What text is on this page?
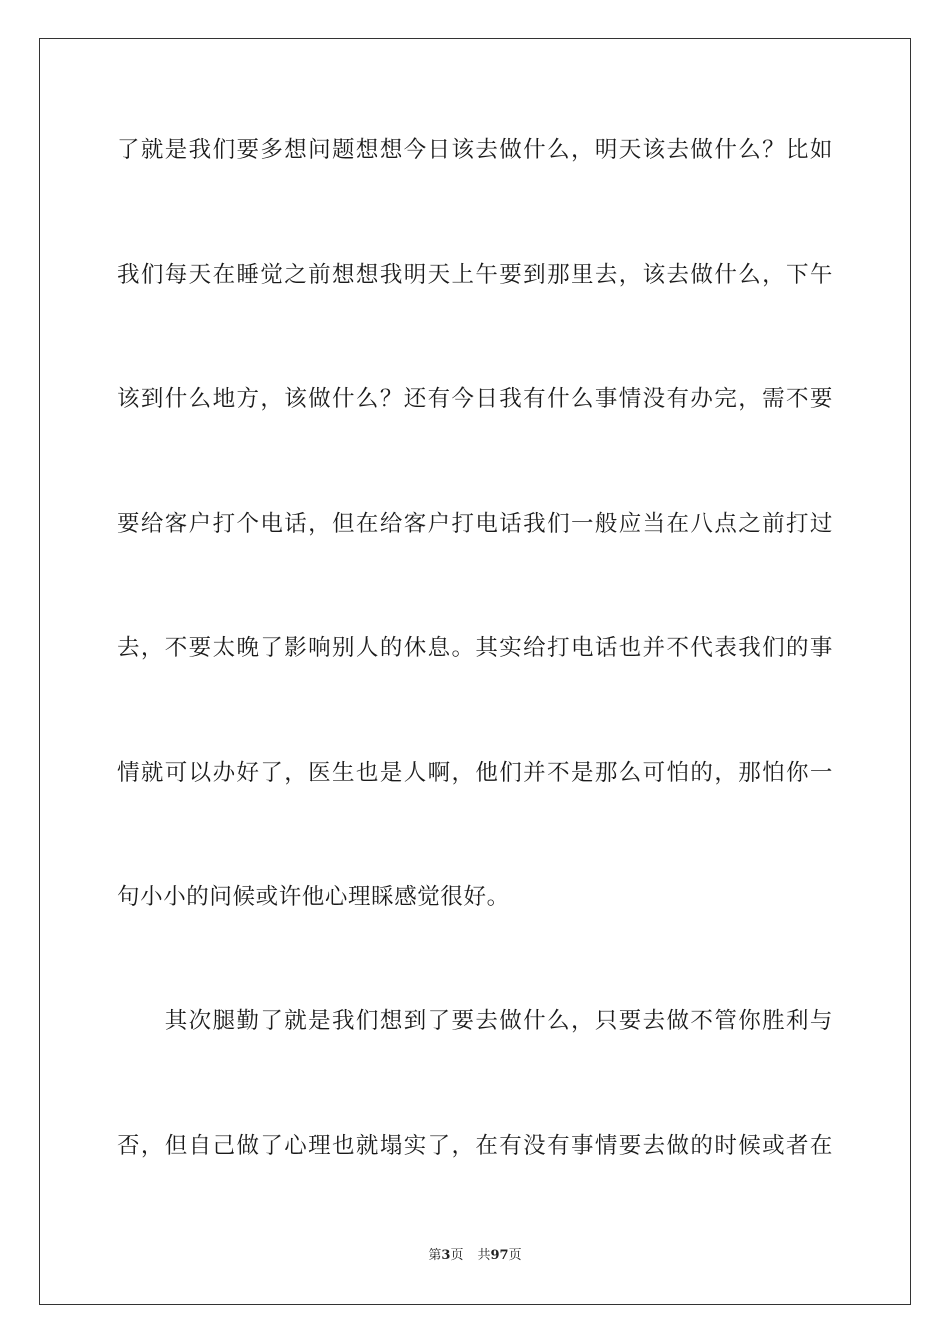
了就是我们要多想问题想想今日该去做什么，明天该去做什么？比如
我们每天在睡觉之前想想我明天上午要到那里去，该去做什么，下午
该到什么地方，该做什么？还有今日我有什么事情没有办完，需不要
要给客户打个电话，但在给客户打电话我们一般应当在八点之前打过
去，不要太晚了影响别人的休息。其实给打电话也并不代表我们的事
情就可以办好了，医生也是人啊，他们并不是那么可怕的，那怕你一
句小小的问候或许他心理睬感觉很好。
　　其次腿勤了就是我们想到了要去做什么，只要去做不管你胜利与
否，但自己做了心理也就塌实了，在有没有事情要去做的时候或者在
第3页 共97页
